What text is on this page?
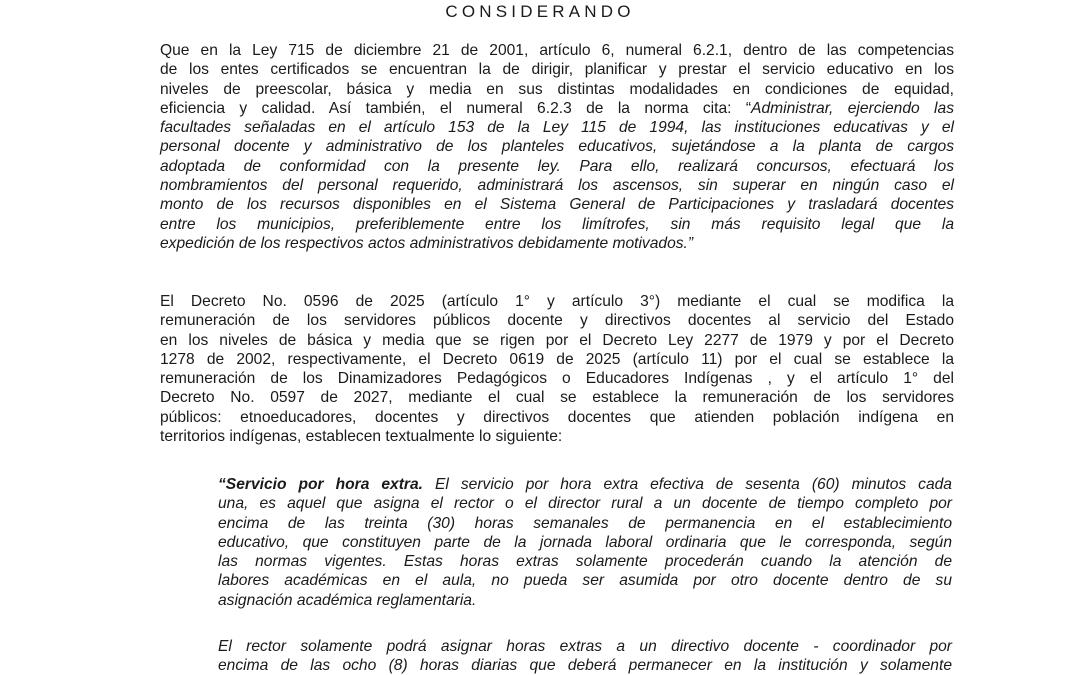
CONSIDERANDO

Que en la Ley 715 de diciembre 21 de 2001, artículo 6, numeral 6.2.1, dentro de las competencias
de los entes certificados se encuentran la de dirigir, planificar y prestar el servicio educativo en los
niveles de preescolar, básica y media en sus distintas modalidades en condiciones de equidad,
eficiencia y calidad. Así también, el numeral 6.2.3 de la norma cita: “Administrar, ejerciendo las
facultades señaladas en el artículo 153 de la Ley 115 de 1994, las instituciones educativas y el
personal docente y administrativo de los planteles educativos, sujetándose a la planta de cargos
adoptada de conformidad con la presente ley. Para ello, realizará concursos, efectuará los
nombramientos del personal requerido, administrará los ascensos, sin superar en ningún caso el
monto de los recursos disponibles en el Sistema General de Participaciones y trasladará docentes
entre los municipios, preferiblemente entre los limítrofes, sin más requisito legal que la
expedición de los respectivos actos administrativos debidamente motivados.”

El Decreto No. 0596 de 2025 (artículo 1° y artículo 3°) mediante el cual se modifica la
remuneración de los servidores públicos docente y directivos docentes al servicio del Estado
en los niveles de básica y media que se rigen por el Decreto Ley 2277 de 1979 y por el Decreto
1278 de 2002, respectivamente, el Decreto 0619 de 2025 (artículo 11) por el cual se establece la
remuneración de los Dinamizadores Pedagógicos o Educadores Indígenas , y el artículo 1° del
Decreto No. 0597 de 2027, mediante el cual se establece la remuneración de los servidores
públicos: etnoeducadores, docentes y directivos docentes que atienden población indígena en
territorios indígenas, establecen textualmente lo siguiente:

“Servicio por hora extra. El servicio por hora extra efectiva de sesenta (60) minutos cada
una, es aquel que asigna el rector o el director rural a un docente de tiempo completo por
encima de las treinta (30) horas semanales de permanencia en el establecimiento
educativo, que constituyen parte de la jornada laboral ordinaria que le corresponda, según
las normas vigentes. Estas horas extras solamente procederán cuando la atención de
labores académicas en el aula, no pueda ser asumida por otro docente dentro de su
asignación académica reglamentaria.

El rector solamente podrá asignar horas extras a un directivo docente - coordinador por
encima de las ocho (8) horas diarias que deberá permanecer en la institución y solamente
